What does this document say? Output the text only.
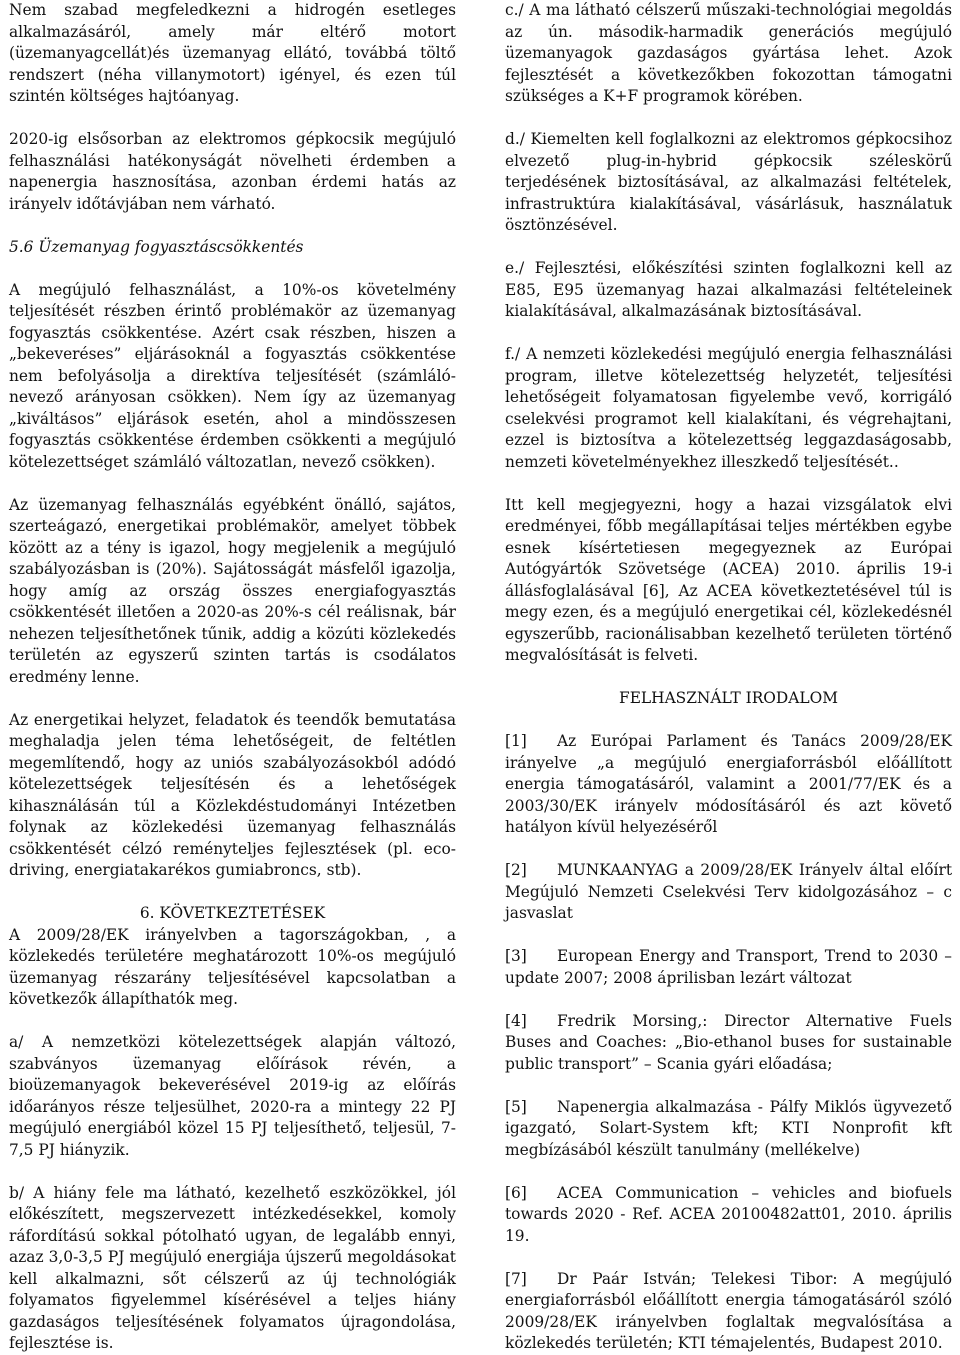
Nem szabad megfeledkezni a hidrogén esetleges alkalmazásáról, amely már eltérő motort (üzemanyagcellát)és üzemanyag ellátó, továbbá töltő rendszert (néha villanymotort) igényel, és ezen túl szintén költséges hajtóanyag.

2020-ig elsősorban az elektromos gépkocsik megújuló felhasználási hatékonyságát növelheti érdemben a napenergia hasznosítása, azonban érdemi hatás az irányelv időtávjában nem várható.

5.6 Üzemanyag fogyasztáscsökkentés

A megújuló felhasználást, a 10%-os követelmény teljesítését részben érintő problémakör az üzemanyag fogyasztás csökkentése. Azért csak részben, hiszen a „bekeveréses” eljárásoknál a fogyasztás csökkentése nem befolyásolja a direktíva teljesítését (számláló-nevező arányosan csökken). Nem így az üzemanyag „kiváltásos” eljárások esetén, ahol a mindösszesen fogyasztás csökkentése érdemben csökkenti a megújuló kötelezettséget számláló változatlan, nevező csökken).

Az üzemanyag felhasználás egyébként önálló, sajátos, szerteágazó, energetikai problémakör, amelyet többek között az a tény is igazol, hogy megjelenik a megújuló szabályozásban is (20%). Sajátosságát másfelől igazolja, hogy amíg az ország összes energiafogyasztás csökkentését illetően a 2020-as 20%-s cél reálisnak, bár nehezen teljesíthetőnek tűnik, addig a közúti közlekedés területén az egyszerű szinten tartás is csodálatos eredmény lenne.

Az energetikai helyzet, feladatok és teendők bemutatása meghaladja jelen téma lehetőségeit, de feltétlen megemlítendő, hogy az uniós szabályozásokból adódó kötelezettségek teljesítésén és a lehetőségek kihasználásán túl a Közlekdéstudományi Intézetben folynak az közlekedési üzemanyag felhasználás csökkentését célzó reményteljes fejlesztések (pl. eco-driving, energiatakarékos gumiabroncs, stb).

6. KÖVETKEZTETÉSEK

A 2009/28/EK irányelvben a tagországokban, , a közlekedés területére meghatározott 10%-os megújuló üzemanyag részarány teljesítésével kapcsolatban a következők állapíthatók meg.

a/ A nemzetközi kötelezettségek alapján változó, szabványos üzemanyag előírások révén, a bioüzemanyagok bekeverésével 2019-ig az előírás időarányos része teljesülhet, 2020-ra a mintegy 22 PJ megújuló energiából közel 15 PJ teljesíthető, teljesül, 7-7,5 PJ hiányzik.

b/ A hiány fele ma látható, kezelhető eszközökkel, jól előkészített, megszervezett intézkedésekkel, komoly ráfordítású sokkal pótolható ugyan, de legalább ennyi, azaz 3,0-3,5 PJ megújuló energiája újszerű megoldásokat kell alkalmazni, sőt célszerű az új technológiák folyamatos figyelemmel kísérésével a teljes hiány gazdaságos teljesítésének folyamatos újragondolása, fejlesztése is.

c./ A ma látható célszerű műszaki-technológiai megoldás az ún. második-harmadik generációs megújuló üzemanyagok gazdaságos gyártása lehet. Azok fejlesztését a következőkben fokozottan támogatni szükséges a K+F programok körében.

d./ Kiemelten kell foglalkozni az elektromos gépkocsihoz elvezető plug-in-hybrid gépkocsik széleskörű terjedésének biztosításával, az alkalmazási feltételek, infrastruktúra kialakításával, vásárlásuk, használatuk ösztönzésével.

e./ Fejlesztési, előkészítési szinten foglalkozni kell az E85, E95 üzemanyag hazai alkalmazási feltételeinek kialakításával, alkalmazásának biztosításával.

f./ A nemzeti közlekedési megújuló energia felhasználási program, illetve kötelezettség helyzetét, teljesítési lehetőségeit folyamatosan figyelembe vevő, korrigáló cselekvési programot kell kialakítani, és végrehajtani, ezzel is biztosítva a kötelezettség leggazdaságosabb, nemzeti követelményekhez illeszkedő teljesítését..

Itt kell megjegyezni, hogy a hazai vizsgálatok elvi eredményei, főbb megállapításai teljes mértékben egybe esnek kísértetiesen megegyeznek az Európai Autógyártók Szövetsége (ACEA) 2010. április 19-i állásfoglalásával [6], Az ACEA következtetésével túl is megy ezen, és a megújuló energetikai cél, közlekedésnél egyszerűbb, racionálisabban kezelhető területen történő megvalósítását is felveti.

FELHASZNÁLT IRODALOM

[1] Az Európai Parlament és Tanács 2009/28/EK irányelve „a megújuló energiaforrásból előállított energia támogatásáról, valamint a 2001/77/EK és a 2003/30/EK irányelv módosításáról és azt követő hatályon kívül helyezéséről

[2] MUNKAANYAG a 2009/28/EK Irányelv által előírt Megújuló Nemzeti Cselekvési Terv kidolgozásához – c jasvaslat

[3] European Energy and Transport, Trend to 2030 – update 2007; 2008 áprilisban lezárt változat

[4] Fredrik Morsing,: Director Alternative Fuels Buses and Coaches: „Bio-ethanol buses for sustainable public transport” – Scania gyári előadása;

[5] Napenergia alkalmazása - Pálfy Miklós ügyvezető igazgató, Solart-System kft; KTI Nonprofit kft megbízásából készült tanulmány (mellékelve)

[6] ACEA Communication – vehicles and biofuels towards 2020 - Ref. ACEA 20100482att01, 2010. április 19.

[7] Dr Paár István; Telekesi Tibor: A megújuló energiaforrásból előállított energia támogatásáról szóló 2009/28/EK irányelvben foglaltak megvalósítása a közlekedés területén; KTI témajelentés, Budapest 2010.
